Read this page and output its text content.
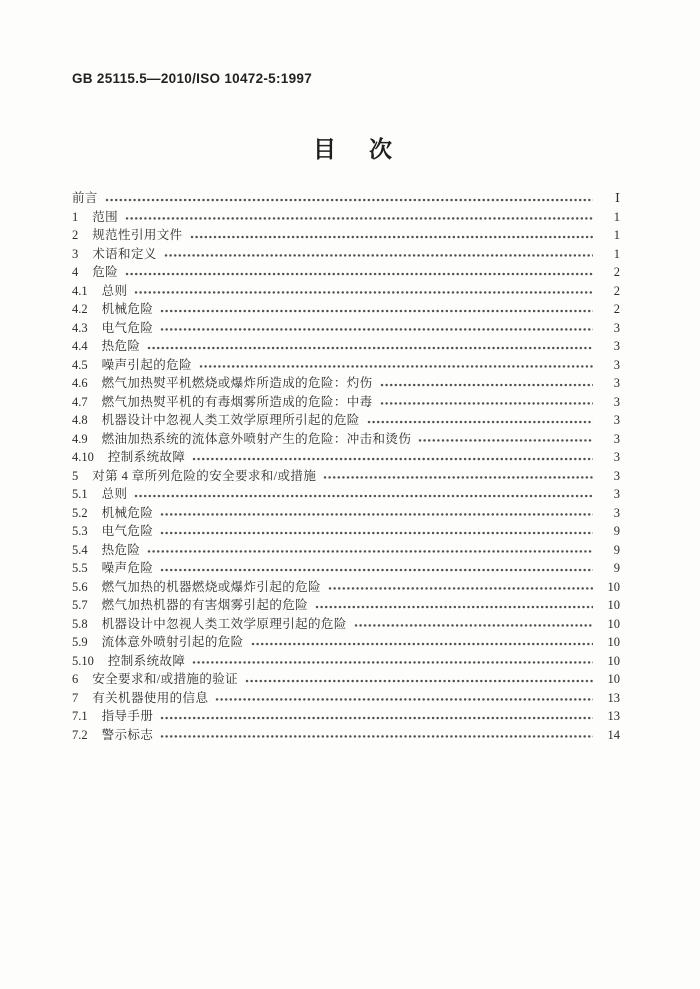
GB 25115.5—2010/ISO 10472-5:1997
目　次
前言	Ⅰ
1 范围	1
2 规范性引用文件	1
3 术语和定义	1
4 危险	2
4.1 总则	2
4.2 机械危险	2
4.3 电气危险	3
4.4 热危险	3
4.5 噪声引起的危险	3
4.6 燃气加热熨平机燃烧或爆炸所造成的危险：灼伤	3
4.7 燃气加热熨平机的有毒烟雾所造成的危险：中毒	3
4.8 机器设计中忽视人类工效学原理所引起的危险	3
4.9 燃油加热系统的流体意外喷射产生的危险：冲击和烫伤	3
4.10 控制系统故障	3
5 对第 4 章所列危险的安全要求和/或措施	3
5.1 总则	3
5.2 机械危险	3
5.3 电气危险	9
5.4 热危险	9
5.5 噪声危险	9
5.6 燃气加热的机器燃烧或爆炸引起的危险	10
5.7 燃气加热机器的有害烟雾引起的危险	10
5.8 机器设计中忽视人类工效学原理引起的危险	10
5.9 流体意外喷射引起的危险	10
5.10 控制系统故障	10
6 安全要求和/或措施的验证	10
7 有关机器使用的信息	13
7.1 指导手册	13
7.2 警示标志	14
